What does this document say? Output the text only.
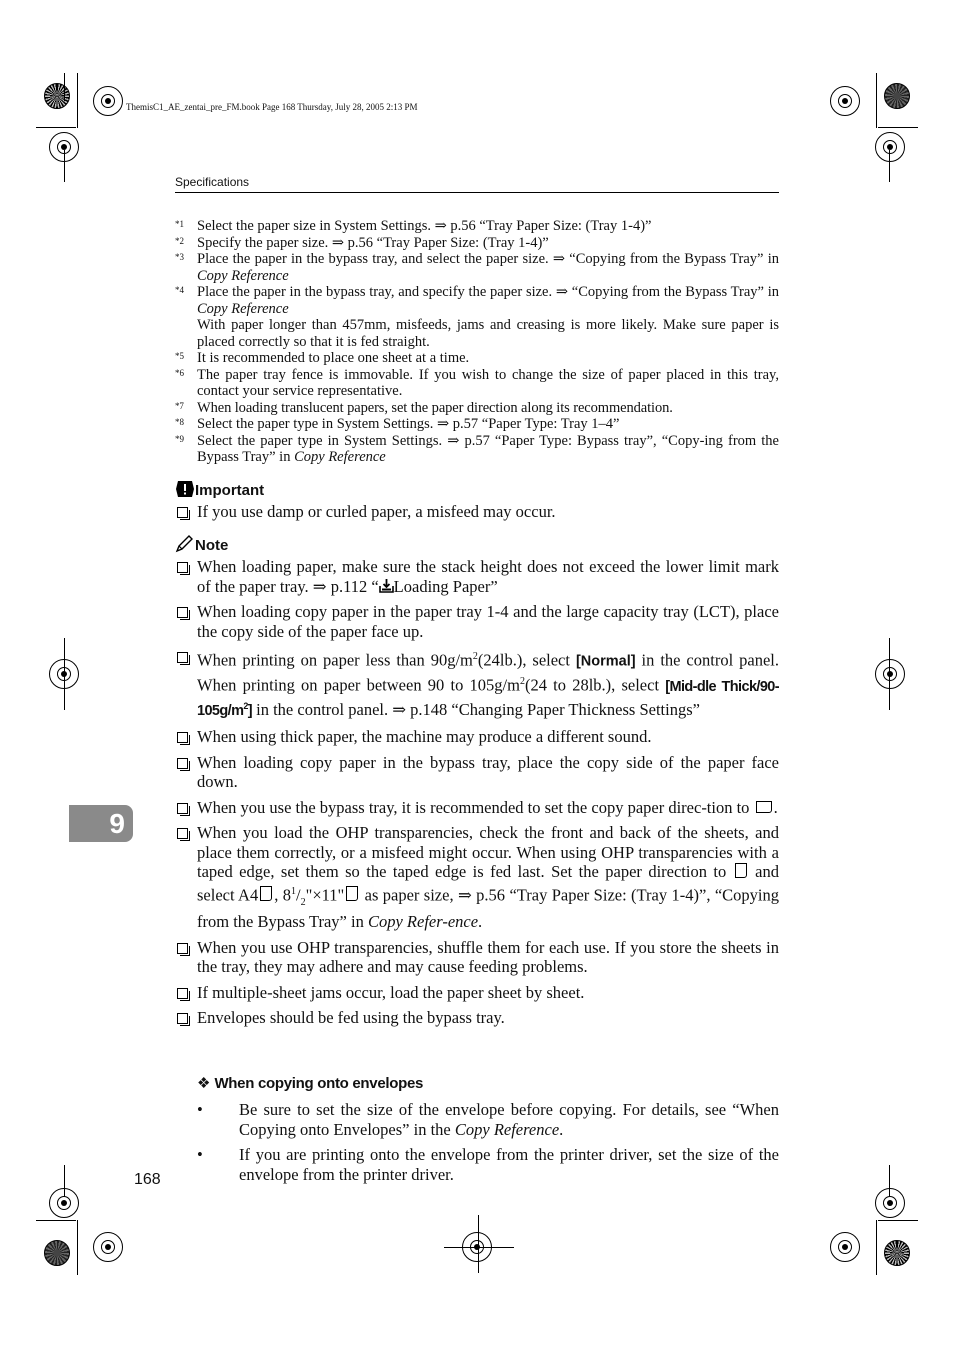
ThemisC1_AE_zentai_pre_FM.book Page 168 Thursday, July 28, 2005 2:13 PM
Specifications

*1 Select the paper size in System Settings. ⇒ p.56 “Tray Paper Size: (Tray 1-4)”

*2 Specify the paper size. ⇒ p.56 “Tray Paper Size: (Tray 1-4)”

*3 Place the paper in the bypass tray, and select the paper size. ⇒ “Copying from the Bypass Tray” in Copy Reference

*4 Place the paper in the bypass tray, and specify the paper size. ⇒ “Copying from the Bypass Tray” in Copy Reference
With paper longer than 457mm, misfeeds, jams and creasing is more likely. Make sure paper is placed correctly so that it is fed straight.

*5 It is recommended to place one sheet at a time.

*6 The paper tray fence is immovable. If you wish to change the size of paper placed in this tray, contact your service representative.

*7 When loading translucent papers, set the paper direction along its recommendation.

*8 Select the paper type in System Settings. ⇒ p.57 “Paper Type: Tray 1–4”

*9 Select the paper type in System Settings. ⇒ p.57 “Paper Type: Bypass tray”, “Copy-ing from the Bypass Tray” in Copy Reference

Important
If you use damp or curled paper, a misfeed may occur.
Note
When loading paper, make sure the stack height does not exceed the lower limit mark of the paper tray. ⇒ p.112 “ Loading Paper”
When loading copy paper in the paper tray 1-4 and the large capacity tray (LCT), place the copy side of the paper face up.
When printing on paper less than $90g/m^2(24lb.)$, select [Normal] in the control panel. When printing on paper between 90 to $105g/m^2(24$ to 28lb.), select [Mid-dle Thick/$90-105g/m^2$] in the control panel. ⇒ p.148 “Changing Paper Thickness Settings”
When using thick paper, the machine may produce a different sound.
When loading copy paper in the bypass tray, place the copy side of the paper face down.
When you use the bypass tray, it is recommended to set the copy paper direc-tion to .
When you load the OHP transparencies, check the front and back of the sheets, and place them correctly, or a misfeed might occur. When using OHP transparencies with a taped edge, set them so the taped edge is fed last. Set the paper direction to  and select A4 , $8^1/_2"\times 11$" as paper size, ⇒ p.56 “Tray Paper Size: (Tray 1-4)”, “Copying from the Bypass Tray” in Copy Refer-ence.
When you use OHP transparencies, shuffle them for each use. If you store the sheets in the tray, they may adhere and may cause feeding problems.
If multiple-sheet jams occur, load the paper sheet by sheet.
Envelopes should be fed using the bypass tray.
❖ When copying onto envelopes
• Be sure to set the size of the envelope before copying. For details, see “When Copying onto Envelopes” in the Copy Reference.
• If you are printing onto the envelope from the printer driver, set the size of the envelope from the printer driver.
9
168
